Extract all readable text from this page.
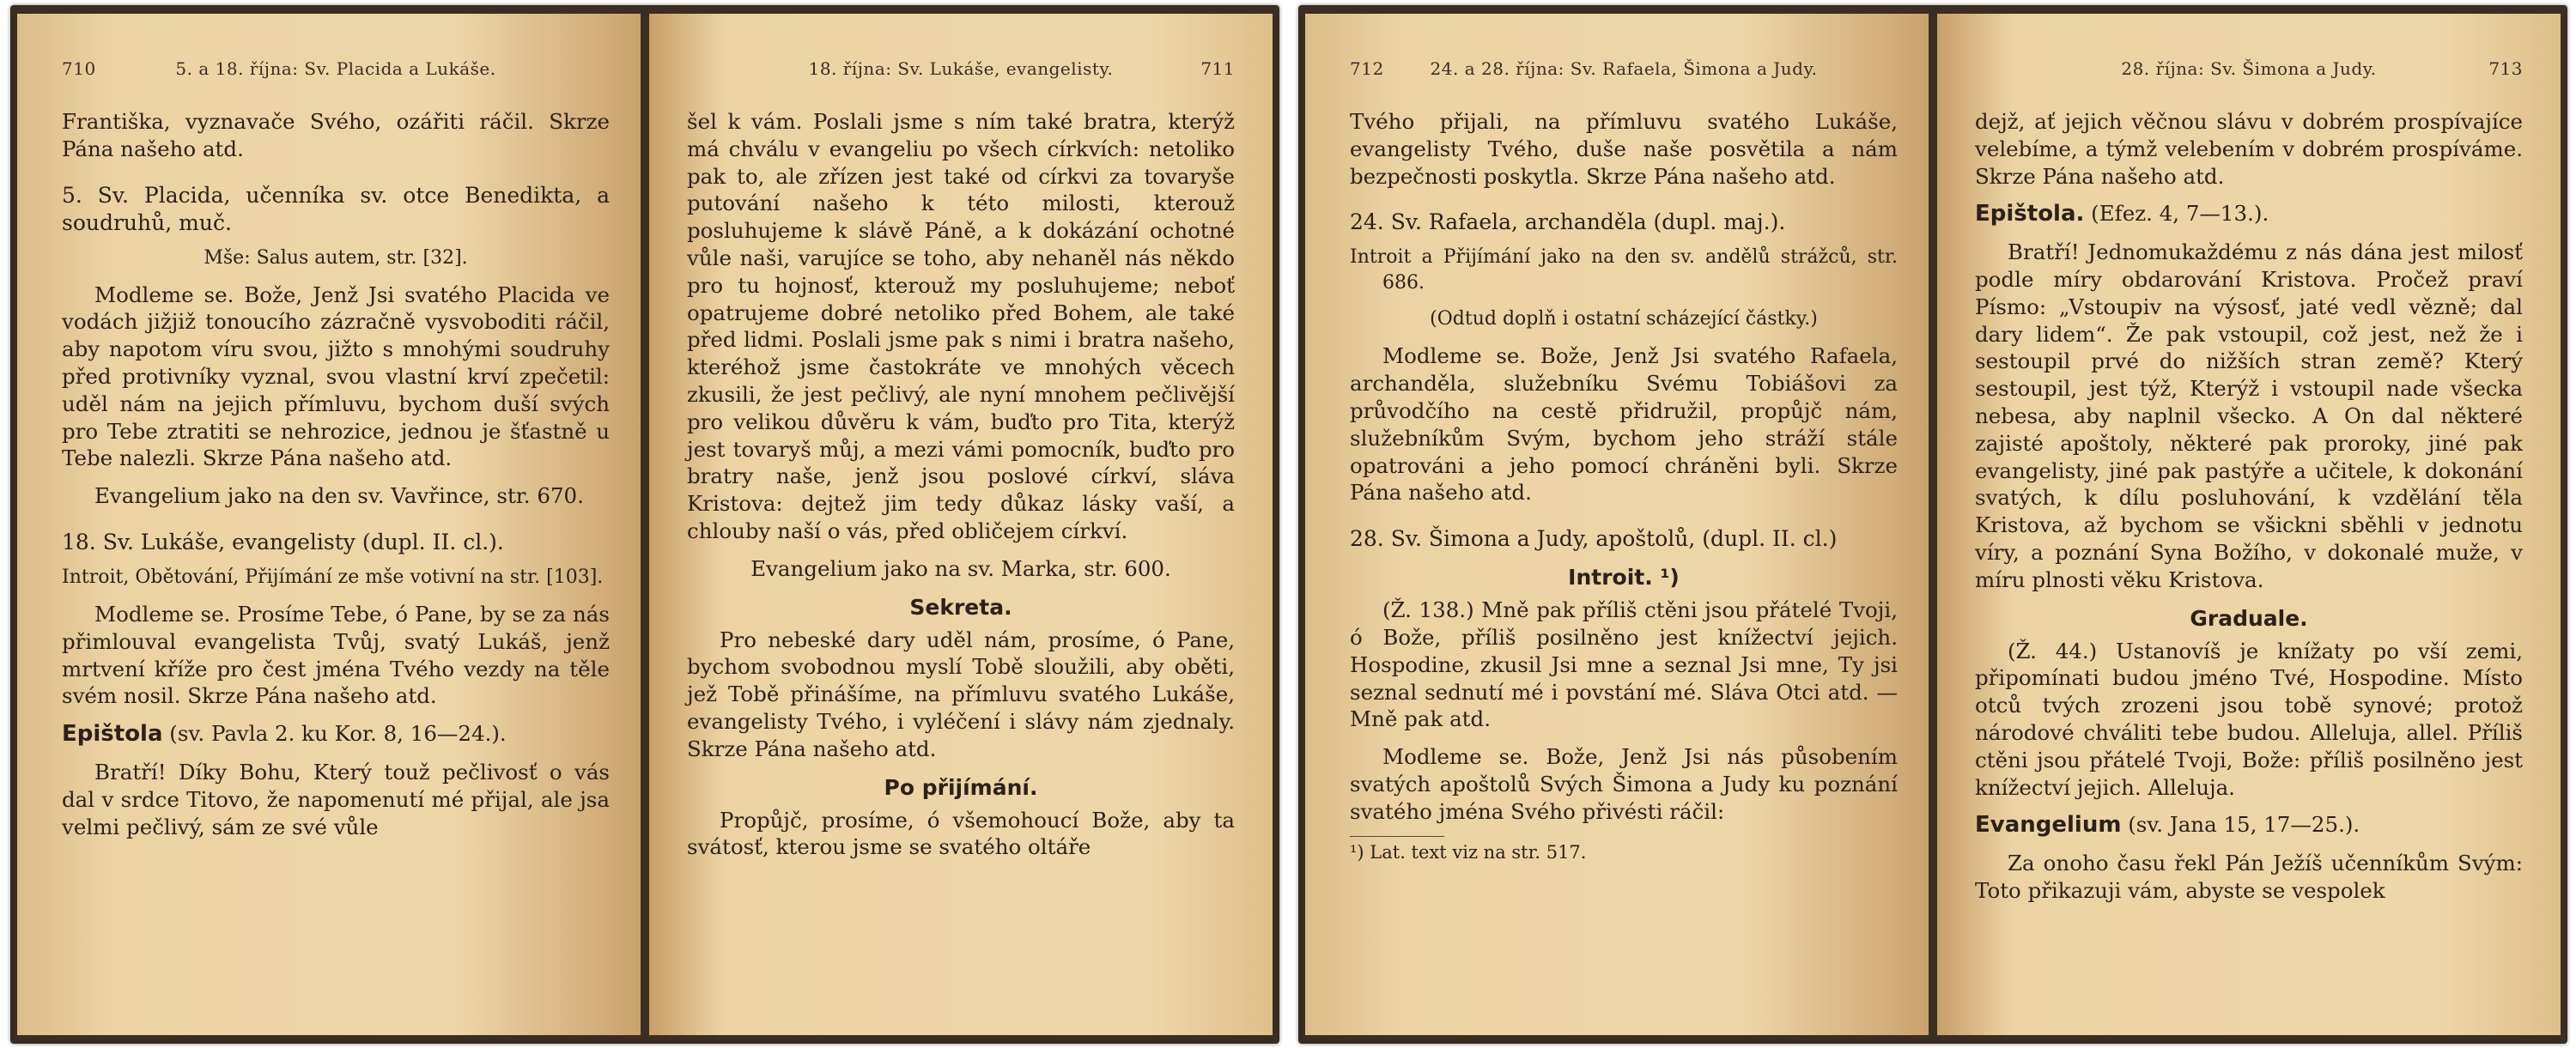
710	5. a 18. října: Sv. Placida a Lukáše.

Františka, vyznavače Svého, ozářiti ráčil. Skrze Pána našeho atd.

5. Sv. Placida, učenníka sv. otce Benedikta, a soudruhů, muč.

Mše: Salus autem, str. [32].

Modleme se. Bože, Jenž Jsi svatého Placida ve vodách jižjiž tonoucího zázračně vysvoboditi ráčil, aby napotom víru svou, jižto s mnohými soudruhy před protivníky vyznal, svou vlastní krví zpečetil: uděl nám na jejich přímluvu, bychom duší svých pro Tebe ztratiti se nehrozice, jednou je šťastně u Tebe nalezli. Skrze Pána našeho atd.

Evangelium jako na den sv. Vavřince, str. 670.

18. Sv. Lukáše, evangelisty (dupl. II. cl.).

Introit, Obětování, Přijímání ze mše votivní na str. [103].

Modleme se. Prosíme Tebe, ó Pane, by se za nás přimlouval evangelista Tvůj, svatý Lukáš, jenž mrtvení kříže pro čest jména Tvého vezdy na těle svém nosil. Skrze Pána našeho atd.

Epištola (sv. Pavla 2. ku Kor. 8, 16—24.).

Bratří! Díky Bohu, Který touž pečlivosť o vás dal v srdce Titovo, že napomenutí mé přijal, ale jsa velmi pečlivý, sám ze své vůle

18. října: Sv. Lukáše, evangelisty.	711

šel k vám. Poslali jsme s ním také bratra, kterýž má chválu v evangeliu po všech církvích: netoliko pak to, ale zřízen jest také od církvi za tovaryše putování našeho k této milosti, kterouž posluhujeme k slávě Páně, a k dokázání ochotné vůle naši, varujíce se toho, aby nehaněl nás někdo pro tu hojnosť, kterouž my posluhujeme; neboť opatrujeme dobré netoliko před Bohem, ale také před lidmi. Poslali jsme pak s nimi i bratra našeho, kteréhož jsme častokráte ve mnohých věcech zkusili, že jest pečlivý, ale nyní mnohem pečlivější pro velikou důvěru k vám, buďto pro Tita, kterýž jest tovaryš můj, a mezi vámi pomocník, buďto pro bratry naše, jenž jsou poslové církví, sláva Kristova: dejtež jim tedy důkaz lásky vaší, a chlouby naší o vás, před obličejem církví.

Evangelium jako na sv. Marka, str. 600.

Sekreta.

Pro nebeské dary uděl nám, prosíme, ó Pane, bychom svobodnou myslí Tobě sloužili, aby oběti, jež Tobě přinášíme, na přímluvu svatého Lukáše, evangelisty Tvého, i vyléčení i slávy nám zjednaly. Skrze Pána našeho atd.

Po přijímání.

Propůjč, prosíme, ó všemohoucí Bože, aby ta svátosť, kterou jsme se svatého oltáře

712	24. a 28. října: Sv. Rafaela, Šimona a Judy.

Tvého přijali, na přímluvu svatého Lukáše, evangelisty Tvého, duše naše posvětila a nám bezpečnosti poskytla. Skrze Pána našeho atd.

24. Sv. Rafaela, archanděla (dupl. maj.).

Introit a Přijímání jako na den sv. andělů strážců, str. 686.

(Odtud doplň i ostatní scházející částky.)

Modleme se. Bože, Jenž Jsi svatého Rafaela, archanděla, služebníku Svému Tobiášovi za průvodčího na cestě přidružil, propůjč nám, služebníkům Svým, bychom jeho stráží stále opatrováni a jeho pomocí chráněni byli. Skrze Pána našeho atd.

28. Sv. Šimona a Judy, apoštolů, (dupl. II. cl.)
Introit. ¹)

(Ž. 138.) Mně pak příliš ctěni jsou přátelé Tvoji, ó Bože, příliš posilněno jest knížectví jejich. Hospodine, zkusil Jsi mne a seznal Jsi mne, Ty jsi seznal sednutí mé i povstání mé. Sláva Otci atd. — Mně pak atd.

Modleme se. Bože, Jenž Jsi nás působením svatých apoštolů Svých Šimona a Judy ku poznání svatého jména Svého přivésti ráčil:

¹) Lat. text viz na str. 517.
28. října: Sv. Šimona a Judy.	713

dejž, ať jejich věčnou slávu v dobrém prospívajíce velebíme, a týmž velebením v dobrém prospíváme. Skrze Pána našeho atd.

Epištola. (Efez. 4, 7—13.).

Bratří! Jednomukaždému z nás dána jest milosť podle míry obdarování Kristova. Pročež praví Písmo: „Vstoupiv na výsosť, jaté vedl vězně; dal dary lidem“. Že pak vstoupil, což jest, než že i sestoupil prvé do nižších stran země? Který sestoupil, jest týž, Kterýž i vstoupil nade všecka nebesa, aby naplnil všecko. A On dal některé zajisté apoštoly, některé pak proroky, jiné pak evangelisty, jiné pak pastýře a učitele, k dokonání svatých, k dílu posluhování, k vzdělání těla Kristova, až bychom se všickni sběhli v jednotu víry, a poznání Syna Božího, v dokonalé muže, v míru plnosti věku Kristova.

Graduale.

(Ž. 44.) Ustanovíš je knížaty po vší zemi, připomínati budou jméno Tvé, Hospodine. Místo otců tvých zrozeni jsou tobě synové; protož národové chváliti tebe budou. Alleluja, allel. Příliš ctěni jsou přátelé Tvoji, Bože: příliš posilněno jest knížectví jejich. Alleluja.

Evangelium (sv. Jana 15, 17—25.).

Za onoho času řekl Pán Ježíš učenníkům Svým: Toto přikazuji vám, abyste se vespolek
